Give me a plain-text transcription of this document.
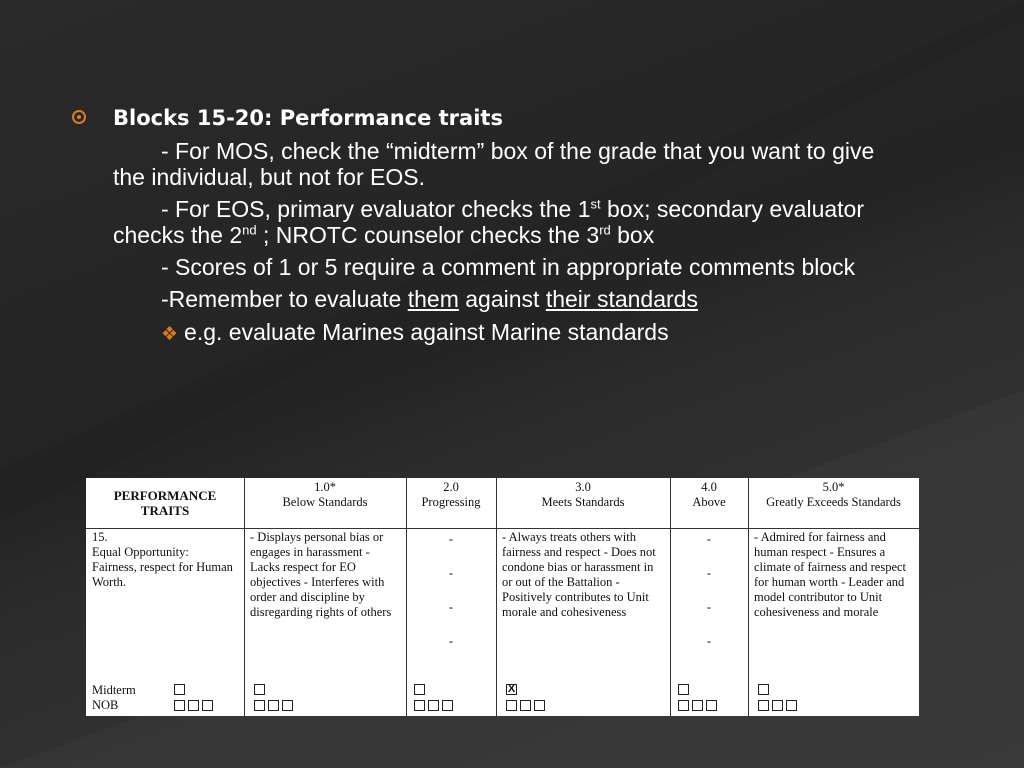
Blocks 15-20: Performance traits
- For MOS, check the “midterm” box of the grade that you want to give the individual, but not for EOS.
- For EOS, primary evaluator checks the 1st box; secondary evaluator checks the 2nd ; NROTC counselor checks the 3rd box
- Scores of 1 or 5 require a comment in appropriate comments block
-Remember to evaluate them against their standards
❖ e.g. evaluate Marines against Marine standards
PERFORMANCE TRAITS
15.
Equal Opportunity:
Fairness, respect for Human Worth.
Midterm
NOB
1.0*
Below Standards
- Displays personal bias or engages in harassment - Lacks respect for EO objectives - Interferes with order and discipline by disregarding rights of others
2.0
Progressing
-
-
-
-
3.0
Meets Standards
- Always treats others with fairness and respect - Does not condone bias or harassment in or out of the Battalion - Positively contributes to Unit morale and cohesiveness
X
4.0
Above
-
-
-
-
5.0*
Greatly Exceeds Standards
- Admired for fairness and human respect - Ensures a climate of fairness and respect for human worth - Leader and model contributor to Unit cohesiveness and morale
